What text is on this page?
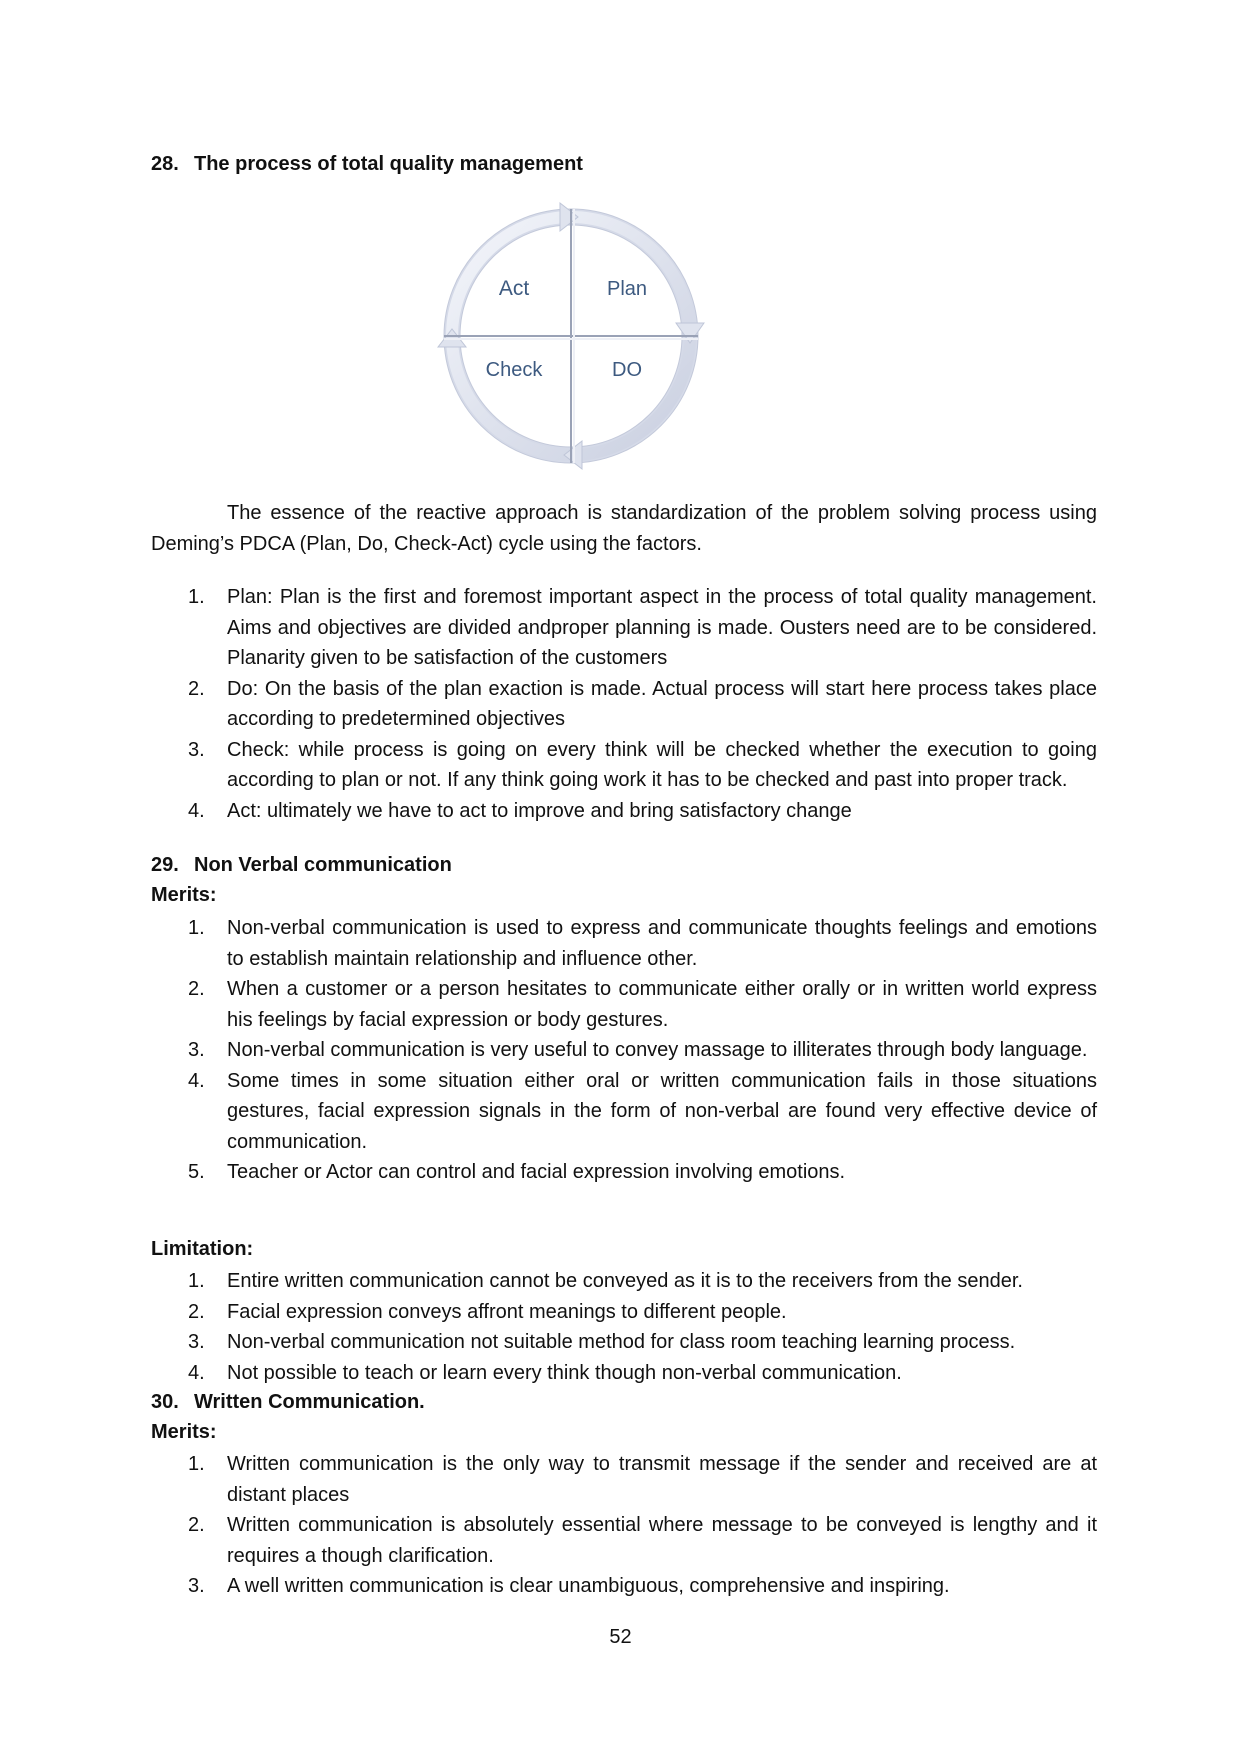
28. The process of total quality management
Act	Plan
Check	DO

The essence of the reactive approach is standardization of the problem solving process using Deming’s PDCA (Plan, Do, Check-Act) cycle using the factors.

1.	Plan: Plan is the first and foremost important aspect in the process of total quality management. Aims and objectives are divided andproper planning is made. Ousters need are to be considered. Planarity given to be satisfaction of the customers
2.	Do: On the basis of the plan exaction is made. Actual process will start here process takes place according to predetermined objectives
3.	Check: while process is going on every think will be checked whether the execution to going according to plan or not. If any think going work it has to be checked and past into proper track.
4.	Act: ultimately we have to act to improve and bring satisfactory change
29. Non Verbal communication

Merits:

1.	Non-verbal communication is used to express and communicate thoughts feelings and emotions to establish maintain relationship and influence other.
2.	When a customer or a person hesitates to communicate either orally or in written world express his feelings by facial expression or body gestures.
3.	Non-verbal communication is very useful to convey massage to illiterates through body language.
4.	Some times in some situation either oral or written communication fails in those situations gestures, facial expression signals in the form of non-verbal are found very effective device of communication.
5.	Teacher or Actor can control and facial expression involving emotions.

Limitation:

1.	Entire written communication cannot be conveyed as it is to the receivers from the sender.
2.	Facial expression conveys affront meanings to different people.
3.	Non-verbal communication not suitable method for class room teaching learning process.
4.	Not possible to teach or learn every think though non-verbal communication.
30. Written Communication.

Merits:

1.	Written communication is the only way to transmit message if the sender and received are at distant places
2.	Written communication is absolutely essential where message to be conveyed is lengthy and it requires a though clarification.
3.	A well written communication is clear unambiguous, comprehensive and inspiring.
52
